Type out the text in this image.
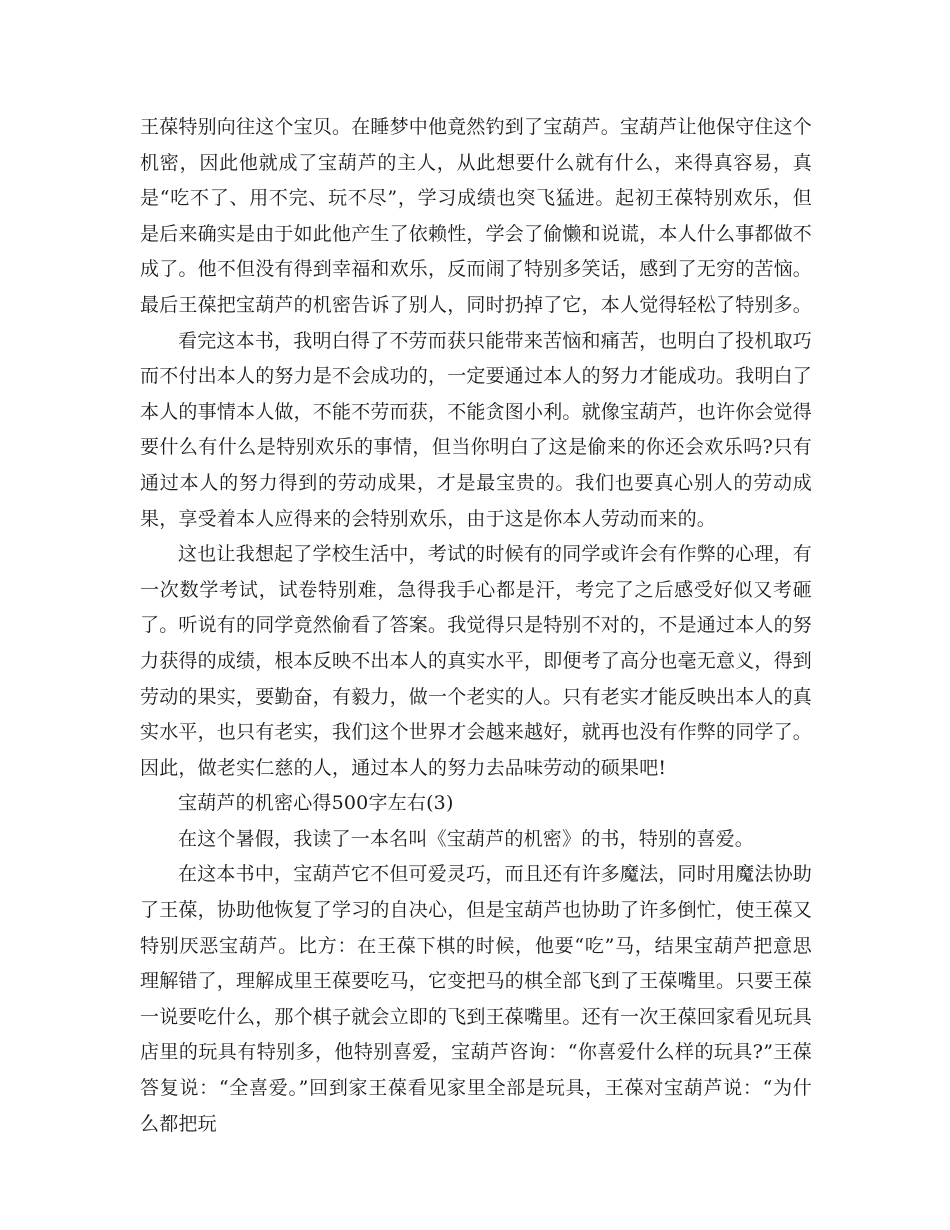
王葆特别向往这个宝贝。在睡梦中他竟然钓到了宝葫芦。宝葫芦让他保守住这个机密，因此他就成了宝葫芦的主人，从此想要什么就有什么，来得真容易，真是“吃不了、用不完、玩不尽”，学习成绩也突飞猛进。起初王葆特别欢乐，但是后来确实是由于如此他产生了依赖性，学会了偷懒和说谎，本人什么事都做不成了。他不但没有得到幸福和欢乐，反而闹了特别多笑话，感到了无穷的苦恼。最后王葆把宝葫芦的机密告诉了别人，同时扔掉了它，本人觉得轻松了特别多。

看完这本书，我明白得了不劳而获只能带来苦恼和痛苦，也明白了投机取巧而不付出本人的努力是不会成功的，一定要通过本人的努力才能成功。我明白了本人的事情本人做，不能不劳而获，不能贪图小利。就像宝葫芦，也许你会觉得要什么有什么是特别欢乐的事情，但当你明白了这是偷来的你还会欢乐吗?只有通过本人的努力得到的劳动成果，才是最宝贵的。我们也要真心别人的劳动成果，享受着本人应得来的会特别欢乐，由于这是你本人劳动而来的。

这也让我想起了学校生活中，考试的时候有的同学或许会有作弊的心理，有一次数学考试，试卷特别难，急得我手心都是汗，考完了之后感受好似又考砸了。听说有的同学竟然偷看了答案。我觉得只是特别不对的，不是通过本人的努力获得的成绩，根本反映不出本人的真实水平，即便考了高分也毫无意义，得到劳动的果实，要勤奋，有毅力，做一个老实的人。只有老实才能反映出本人的真实水平，也只有老实，我们这个世界才会越来越好，就再也没有作弊的同学了。因此，做老实仁慈的人，通过本人的努力去品味劳动的硕果吧!

宝葫芦的机密心得500字左右(3)

在这个暑假，我读了一本名叫《宝葫芦的机密》的书，特别的喜爱。

在这本书中，宝葫芦它不但可爱灵巧，而且还有许多魔法，同时用魔法协助了王葆，协助他恢复了学习的自决心，但是宝葫芦也协助了许多倒忙，使王葆又特别厌恶宝葫芦。比方：在王葆下棋的时候，他要“吃”马，结果宝葫芦把意思理解错了，理解成里王葆要吃马，它变把马的棋全部飞到了王葆嘴里。只要王葆一说要吃什么，那个棋子就会立即的飞到王葆嘴里。还有一次王葆回家看见玩具店里的玩具有特别多，他特别喜爱，宝葫芦咨询：“你喜爱什么样的玩具?”王葆答复说：“全喜爱。”回到家王葆看见家里全部是玩具，王葆对宝葫芦说：“为什么都把玩
